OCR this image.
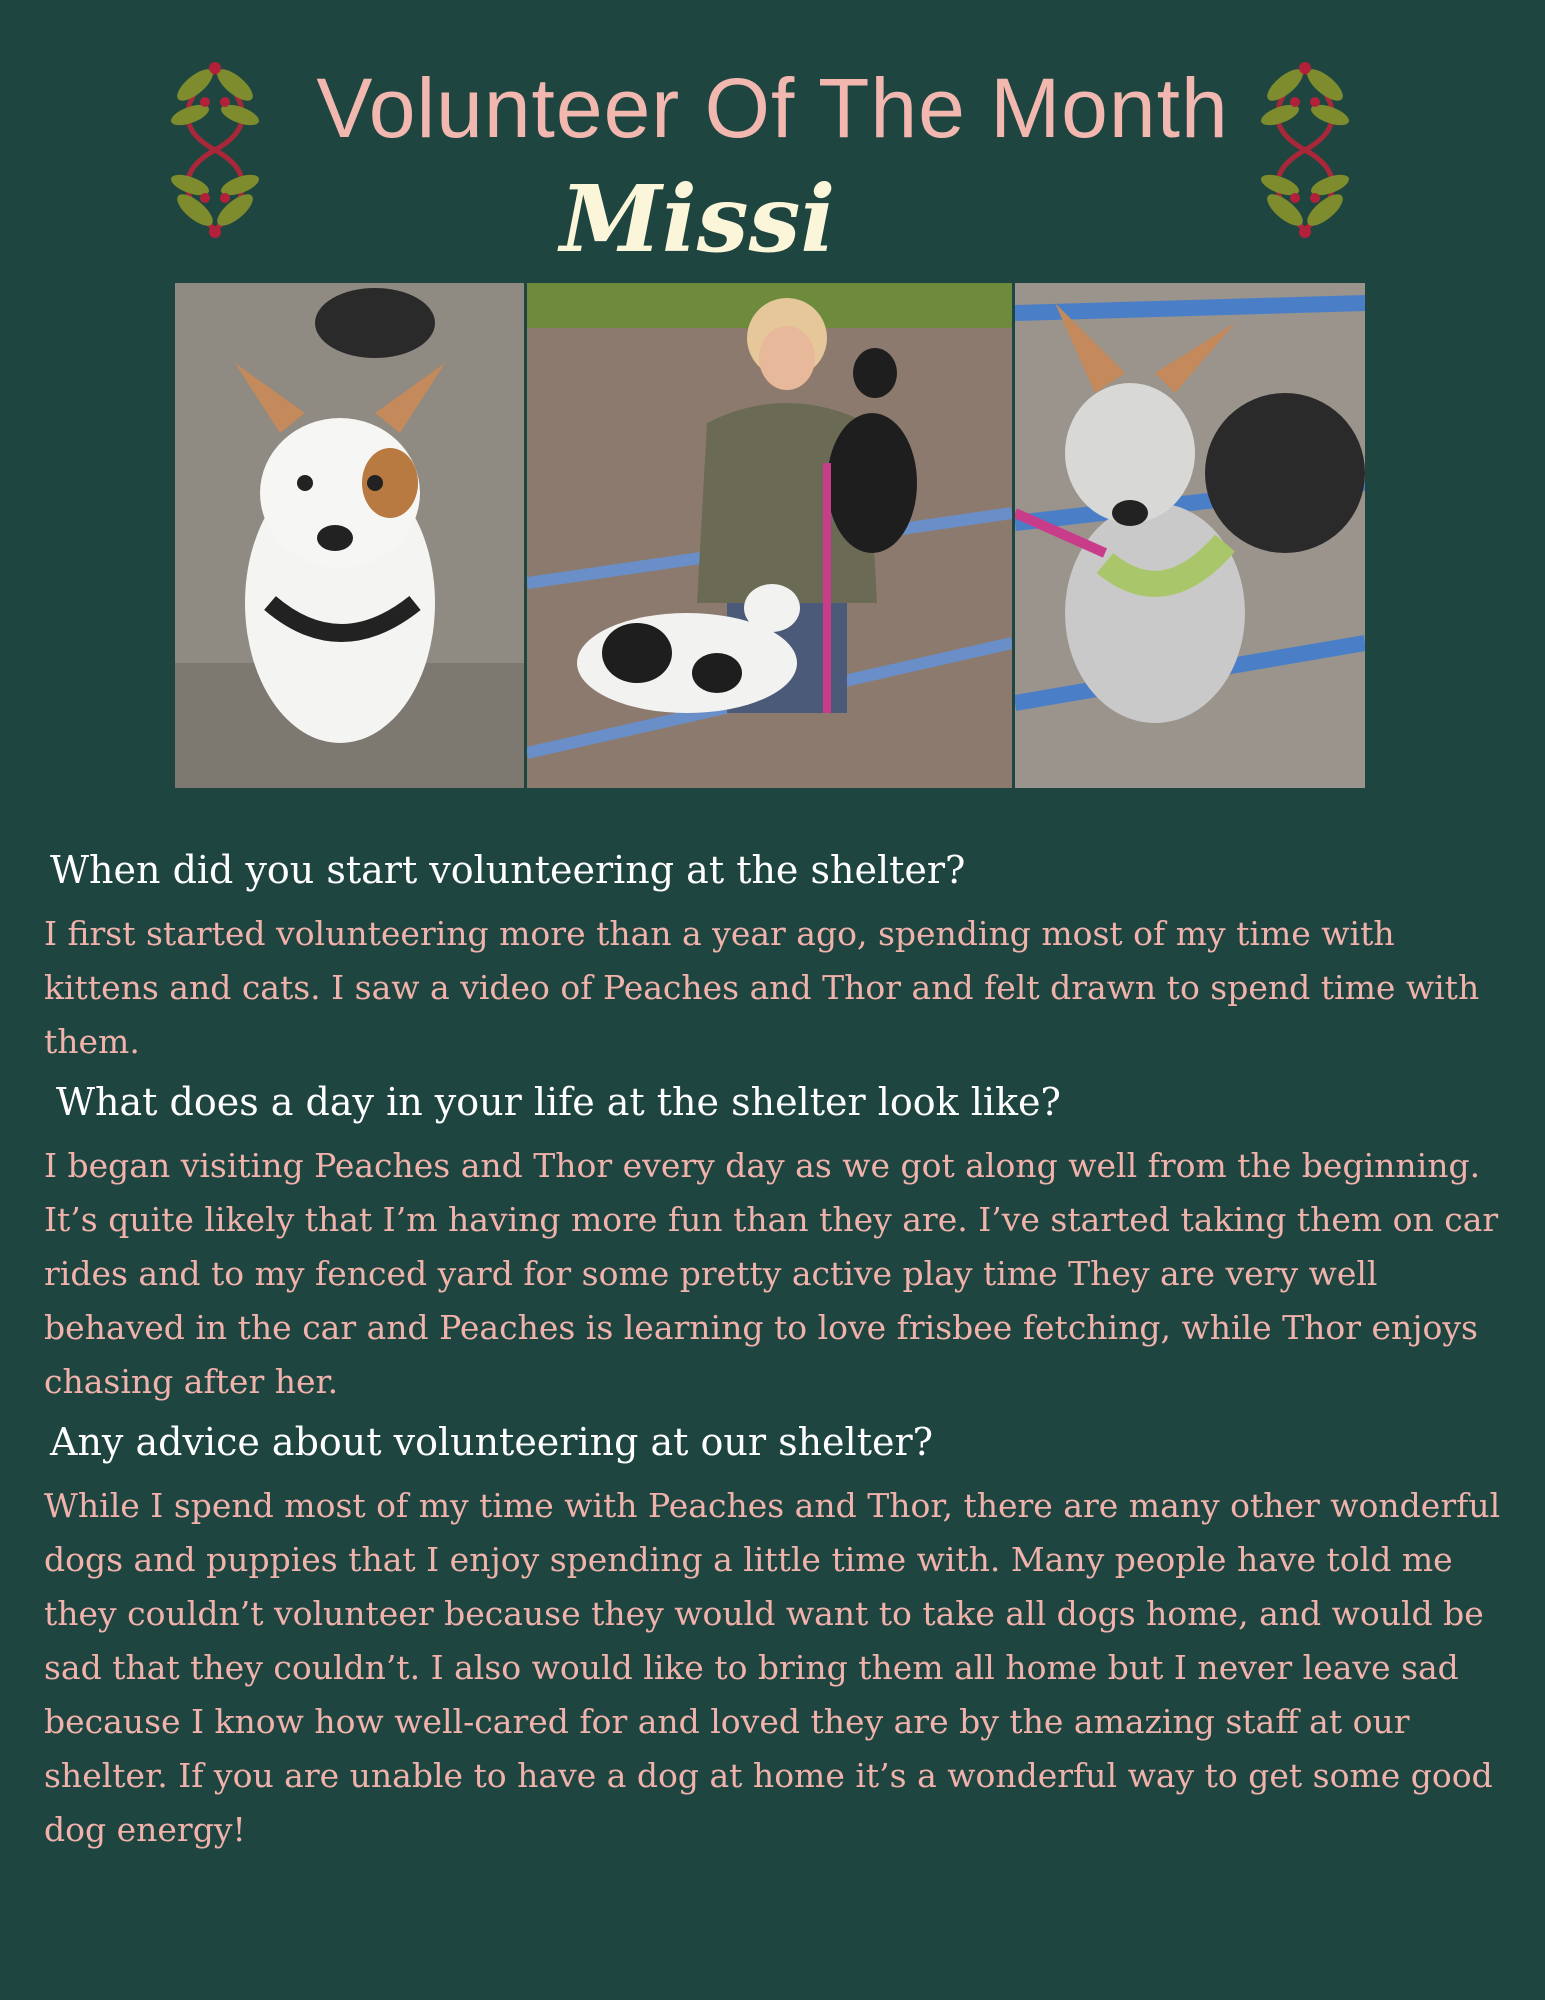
Volunteer Of The Month
Missi
When did you start volunteering at the shelter?
I first started volunteering more than a year ago, spending most of my time with kittens and cats. I saw a video of Peaches and Thor and felt drawn to spend time with them.
What does a day in your life at the shelter look like?
I began visiting Peaches and Thor every day as we got along well from the beginning. It’s quite likely that I’m having more fun than they are. I’ve started taking them on car rides and to my fenced yard for some pretty active play time They are very well behaved in the car and Peaches is learning to love frisbee fetching, while Thor enjoys chasing after her.
Any advice about volunteering at our shelter?
While I spend most of my time with Peaches and Thor, there are many other wonderful dogs and puppies that I enjoy spending a little time with. Many people have told me they couldn’t volunteer because they would want to take all dogs home, and would be sad that they couldn’t. I also would like to bring them all home but I never leave sad because I know how well-cared for and loved they are by the amazing staff at our shelter. If you are unable to have a dog at home it’s a wonderful way to get some good dog energy!
